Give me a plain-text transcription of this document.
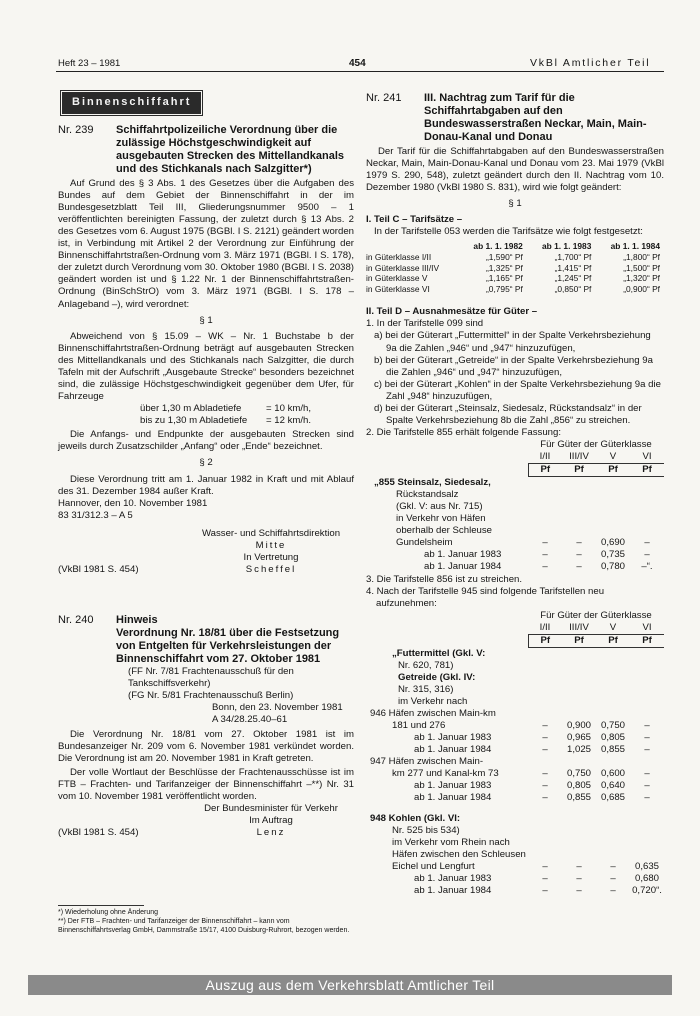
Heft 23 – 1981	454	VkBl Amtlicher Teil
Binnenschiffahrt
Nr. 239	Schiffahrtpolizeiliche Verordnung über die zulässige Höchstgeschwindigkeit auf ausgebauten Strecken des Mittellandkanals und des Stichkanals nach Salzgitter*)

Auf Grund des § 3 Abs. 1 des Gesetzes über die Aufgaben des Bundes auf dem Gebiet der Binnenschiffahrt in der im Bundesgesetzblatt Teil III, Gliederungsnummer 9500 – 1 veröffentlichten bereinigten Fassung, der zuletzt durch § 13 Abs. 2 des Gesetzes vom 6. August 1975 (BGBl. I S. 2121) geändert worden ist, in Verbindung mit Artikel 2 der Verordnung zur Einführung der Binnenschiffahrtstraßen-Ordnung vom 3. März 1971 (BGBl. I S. 178), der zuletzt durch Verordnung vom 30. Oktober 1980 (BGBl. I S. 2038) geändert worden ist und § 1.22 Nr. 1 der Binnenschiffahrtstraßen-Ordnung (BinSchStrO) vom 3. März 1971 (BGBl. I S. 178 – Anlageband –), wird verordnet:

§ 1

Abweichend von § 15.09 – WK – Nr. 1 Buchstabe b der Binnenschiffahrtstraßen-Ordnung beträgt auf ausgebauten Strecken des Mittellandkanals und des Stichkanals nach Salzgitter, die durch Tafeln mit der Aufschrift „Ausgebaute Strecke“ besonders bezeichnet sind, die zulässige Höchstgeschwindigkeit gegenüber dem Ufer, für Fahrzeuge

über 1,30 m Abladetiefe	= 10 km/h,
bis zu 1,30 m Abladetiefe	= 12 km/h.

Die Anfangs- und Endpunkte der ausgebauten Strecken sind jeweils durch Zusatzschilder „Anfang“ oder „Ende“ bezeichnet.

§ 2

Diese Verordnung tritt am 1. Januar 1982 in Kraft und mit Ablauf des 31. Dezember 1984 außer Kraft.

Hannover, den 10. November 1981
83 31/312.3 – A 5
Wasser- und Schiffahrtsdirektion
Mitte
In Vertretung
Scheffel
(VkBl 1981 S. 454)
Nr. 240	Hinweis
Verordnung Nr. 18/81 über die Festsetzung von Entgelten für Verkehrsleistungen der Binnenschiffahrt vom 27. Oktober 1981
(FF Nr. 7/81 Frachtenausschuß für den Tankschiffsverkehr)
(FG Nr. 5/81 Frachtenausschuß Berlin)
Bonn, den 23. November 1981
A 34/28.25.40–61

Die Verordnung Nr. 18/81 vom 27. Oktober 1981 ist im Bundesanzeiger Nr. 209 vom 6. November 1981 verkündet worden. Die Verordnung ist am 20. November 1981 in Kraft getreten.

Der volle Wortlaut der Beschlüsse der Frachtenausschüsse ist im FTB – Frachten- und Tarifanzeiger der Binnenschiffahrt –**) Nr. 31 vom 10. November 1981 veröffentlicht worden.

Der Bundesminister für Verkehr
Im Auftrag
Lenz
(VkBl 1981 S. 454)
*) Wiederholung ohne Änderung
**) Der FTB – Frachten- und Tarifanzeiger der Binnenschiffahrt – kann vom Binnenschiffahrtsverlag GmbH, Dammstraße 15/17, 4100 Duisburg-Ruhrort, bezogen werden.
Nr. 241	III. Nachtrag zum Tarif für die Schiffahrtabgaben auf den Bundeswasserstraßen Neckar, Main, Main-Donau-Kanal und Donau

Der Tarif für die Schiffahrtabgaben auf den Bundeswasserstraßen Neckar, Main, Main-Donau-Kanal und Donau vom 23. Mai 1979 (VkBl 1979 S. 290, 548), zuletzt geändert durch den II. Nachtrag vom 10. Dezember 1980 (VkBl 1980 S. 831), wird wie folgt geändert:

§ 1
I. Teil C – Tarifsätze –

In der Tarifstelle 053 werden die Tarifsätze wie folgt festgesetzt:

	ab 1. 1. 1982	ab 1. 1. 1983	ab 1. 1. 1984
in Güterklasse I/II	„1,590“ Pf	„1,700“ Pf	„1,800“ Pf
in Güterklasse III/IV	„1,325“ Pf	„1,415“ Pf	„1,500“ Pf
in Güterklasse V	„1,165“ Pf	„1,245“ Pf	„1,320“ Pf
in Güterklasse VI	„0,795“ Pf	„0,850“ Pf	„0,900“ Pf
II. Teil D – Ausnahmesätze für Güter –
1. In der Tarifstelle 099 sind
a) bei der Güterart „Futtermittel“ in der Spalte Verkehrsbeziehung 9a die Zahlen „946“ und „947“ hinzuzufügen,
b) bei der Güterart „Getreide“ in der Spalte Verkehrsbeziehung 9a die Zahlen „946“ und „947“ hinzuzufügen,
c) bei der Güterart „Kohlen“ in der Spalte Verkehrsbeziehung 9a die Zahl „948“ hinzuzufügen,
d) bei der Güterart „Steinsalz, Siedesalz, Rückstandsalz“ in der Spalte Verkehrsbeziehung 8b die Zahl „856“ zu streichen.
2. Die Tarifstelle 855 erhält folgende Fassung:
	Für Güter der Güterklasse			
	I/II	III/IV	V	VI
	Pf	Pf	Pf	Pf
„855 Steinsalz, Siedesalz,				
Rückstandsalz				
(Gkl. V: aus Nr. 715)				
in Verkehr von Häfen				
oberhalb der Schleuse				
Gundelsheim	–	–	0,690	–
ab 1. Januar 1983	–	–	0,735	–
ab 1. Januar 1984	–	–	0,780	–“.
3. Die Tarifstelle 856 ist zu streichen.
4. Nach der Tarifstelle 945 sind folgende Tarifstellen neu aufzunehmen:
	Für Güter der Güterklasse			
	I/II	III/IV	V	VI
	Pf	Pf	Pf	Pf
„Futtermittel (Gkl. V:				
Nr. 620, 781)				
Getreide (Gkl. IV:				
Nr. 315, 316)				
im Verkehr nach				
946 Häfen zwischen Main-km				
181 und 276	–	0,900	0,750	–
ab 1. Januar 1983	–	0,965	0,805	–
ab 1. Januar 1984	–	1,025	0,855	–
947 Häfen zwischen Main-				
km 277 und Kanal-km 73	–	0,750	0,600	–
ab 1. Januar 1983	–	0,805	0,640	–
ab 1. Januar 1984	–	0,855	0,685	–

948 Kohlen (Gkl. VI:				
Nr. 525 bis 534)				
im Verkehr vom Rhein nach				
Häfen zwischen den Schleusen				
Eichel und Lengfurt	–	–	–	0,635
ab 1. Januar 1983	–	–	–	0,680
ab 1. Januar 1984	–	–	–	0,720“.
Auszug aus dem Verkehrsblatt Amtlicher Teil
